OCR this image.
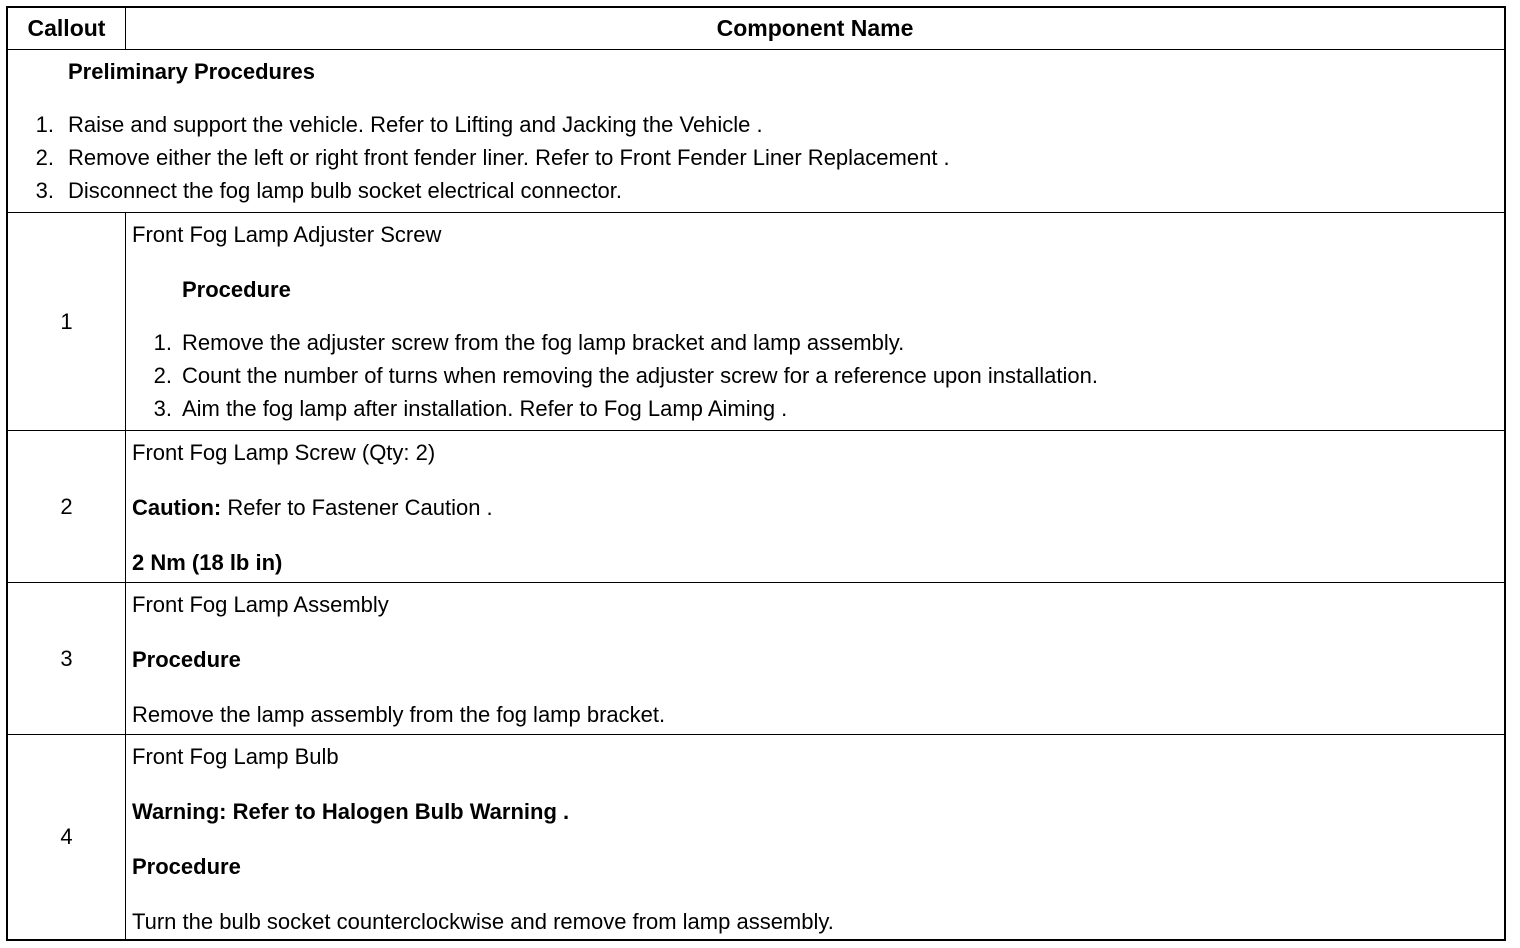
Callout	Component Name
Preliminary Procedures
1. Raise and support the vehicle. Refer to Lifting and Jacking the Vehicle .
2. Remove either the left or right front fender liner. Refer to Front Fender Liner Replacement .
3. Disconnect the fog lamp bulb socket electrical connector.
1
Front Fog Lamp Adjuster Screw
Procedure
1. Remove the adjuster screw from the fog lamp bracket and lamp assembly.
2. Count the number of turns when removing the adjuster screw for a reference upon installation.
3. Aim the fog lamp after installation. Refer to Fog Lamp Aiming .
2
Front Fog Lamp Screw (Qty: 2)
Caution: Refer to Fastener Caution .
2 Nm (18 lb in)
3
Front Fog Lamp Assembly
Procedure
Remove the lamp assembly from the fog lamp bracket.
4
Front Fog Lamp Bulb
Warning: Refer to Halogen Bulb Warning .
Procedure
Turn the bulb socket counterclockwise and remove from lamp assembly.
